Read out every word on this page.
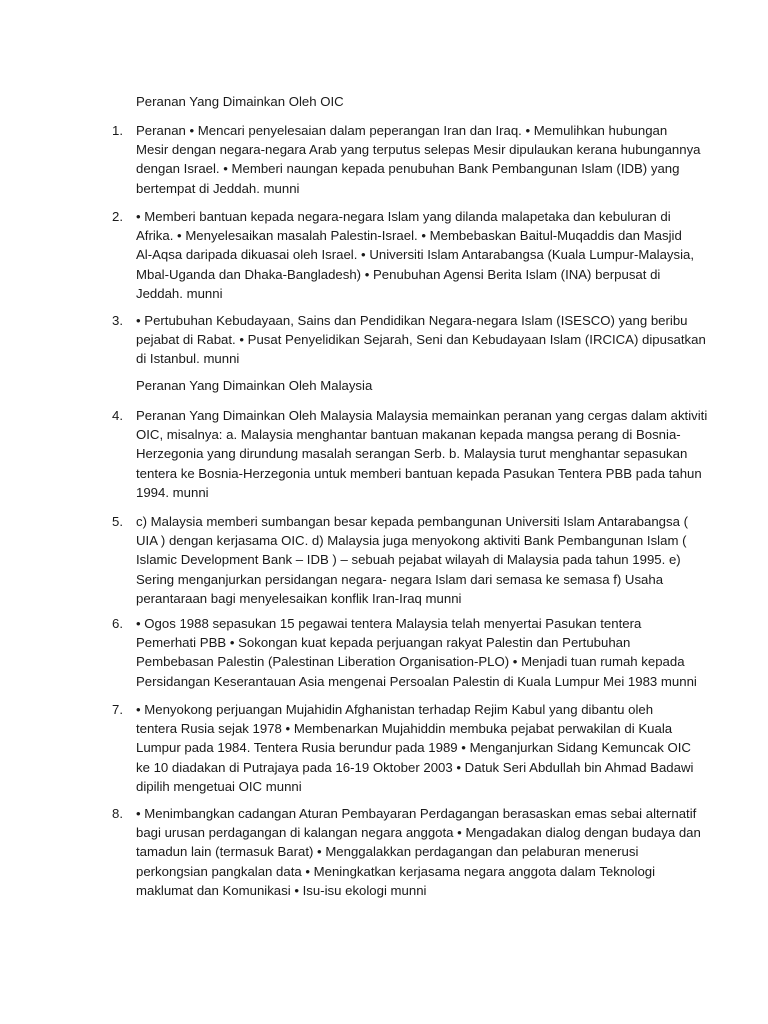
Peranan Yang Dimainkan Oleh OIC
1. Peranan • Mencari penyelesaian dalam peperangan Iran dan Iraq. • Memulihkan hubungan
Mesir dengan negara-negara Arab yang terputus selepas Mesir dipulaukan kerana hubungannya
dengan Israel. • Memberi naungan kepada penubuhan Bank Pembangunan Islam (IDB) yang
bertempat di Jeddah. munni

2. • Memberi bantuan kepada negara-negara Islam yang dilanda malapetaka dan kebuluran di
Afrika. • Menyelesaikan masalah Palestin-Israel. • Membebaskan Baitul-Muqaddis dan Masjid
Al-Aqsa daripada dikuasai oleh Israel. • Universiti Islam Antarabangsa (Kuala Lumpur-Malaysia,
Mbal-Uganda dan Dhaka-Bangladesh) • Penubuhan Agensi Berita Islam (INA) berpusat di
Jeddah. munni

3. • Pertubuhan Kebudayaan, Sains dan Pendidikan Negara-negara Islam (ISESCO) yang beribu
pejabat di Rabat. • Pusat Penyelidikan Sejarah, Seni dan Kebudayaan Islam (IRCICA) dipusatkan
di Istanbul. munni

Peranan Yang Dimainkan Oleh Malaysia
4. Peranan Yang Dimainkan Oleh Malaysia Malaysia memainkan peranan yang cergas dalam aktiviti
OIC, misalnya: a. Malaysia menghantar bantuan makanan kepada mangsa perang di Bosnia-
Herzegonia yang dirundung masalah serangan Serb. b. Malaysia turut menghantar sepasukan
tentera ke Bosnia-Herzegonia untuk memberi bantuan kepada Pasukan Tentera PBB pada tahun
1994. munni

5. c) Malaysia memberi sumbangan besar kepada pembangunan Universiti Islam Antarabangsa (
UIA ) dengan kerjasama OIC. d) Malaysia juga menyokong aktiviti Bank Pembangunan Islam (
Islamic Development Bank – IDB ) – sebuah pejabat wilayah di Malaysia pada tahun 1995. e)
Sering menganjurkan persidangan negara- negara Islam dari semasa ke semasa f) Usaha
perantaraan bagi menyelesaikan konflik Iran-Iraq munni

6. • Ogos 1988 sepasukan 15 pegawai tentera Malaysia telah menyertai Pasukan tentera
Pemerhati PBB • Sokongan kuat kepada perjuangan rakyat Palestin dan Pertubuhan
Pembebasan Palestin (Palestinan Liberation Organisation-PLO) • Menjadi tuan rumah kepada
Persidangan Keserantauan Asia mengenai Persoalan Palestin di Kuala Lumpur Mei 1983 munni

7. • Menyokong perjuangan Mujahidin Afghanistan terhadap Rejim Kabul yang dibantu oleh
tentera Rusia sejak 1978 • Membenarkan Mujahiddin membuka pejabat perwakilan di Kuala
Lumpur pada 1984. Tentera Rusia berundur pada 1989 • Menganjurkan Sidang Kemuncak OIC
ke 10 diadakan di Putrajaya pada 16-19 Oktober 2003 • Datuk Seri Abdullah bin Ahmad Badawi
dipilih mengetuai OIC munni

8. • Menimbangkan cadangan Aturan Pembayaran Perdagangan berasaskan emas sebai alternatif
bagi urusan perdagangan di kalangan negara anggota • Mengadakan dialog dengan budaya dan
tamadun lain (termasuk Barat) • Menggalakkan perdagangan dan pelaburan menerusi
perkongsian pangkalan data • Meningkatkan kerjasama negara anggota dalam Teknologi
maklumat dan Komunikasi • Isu-isu ekologi munni
